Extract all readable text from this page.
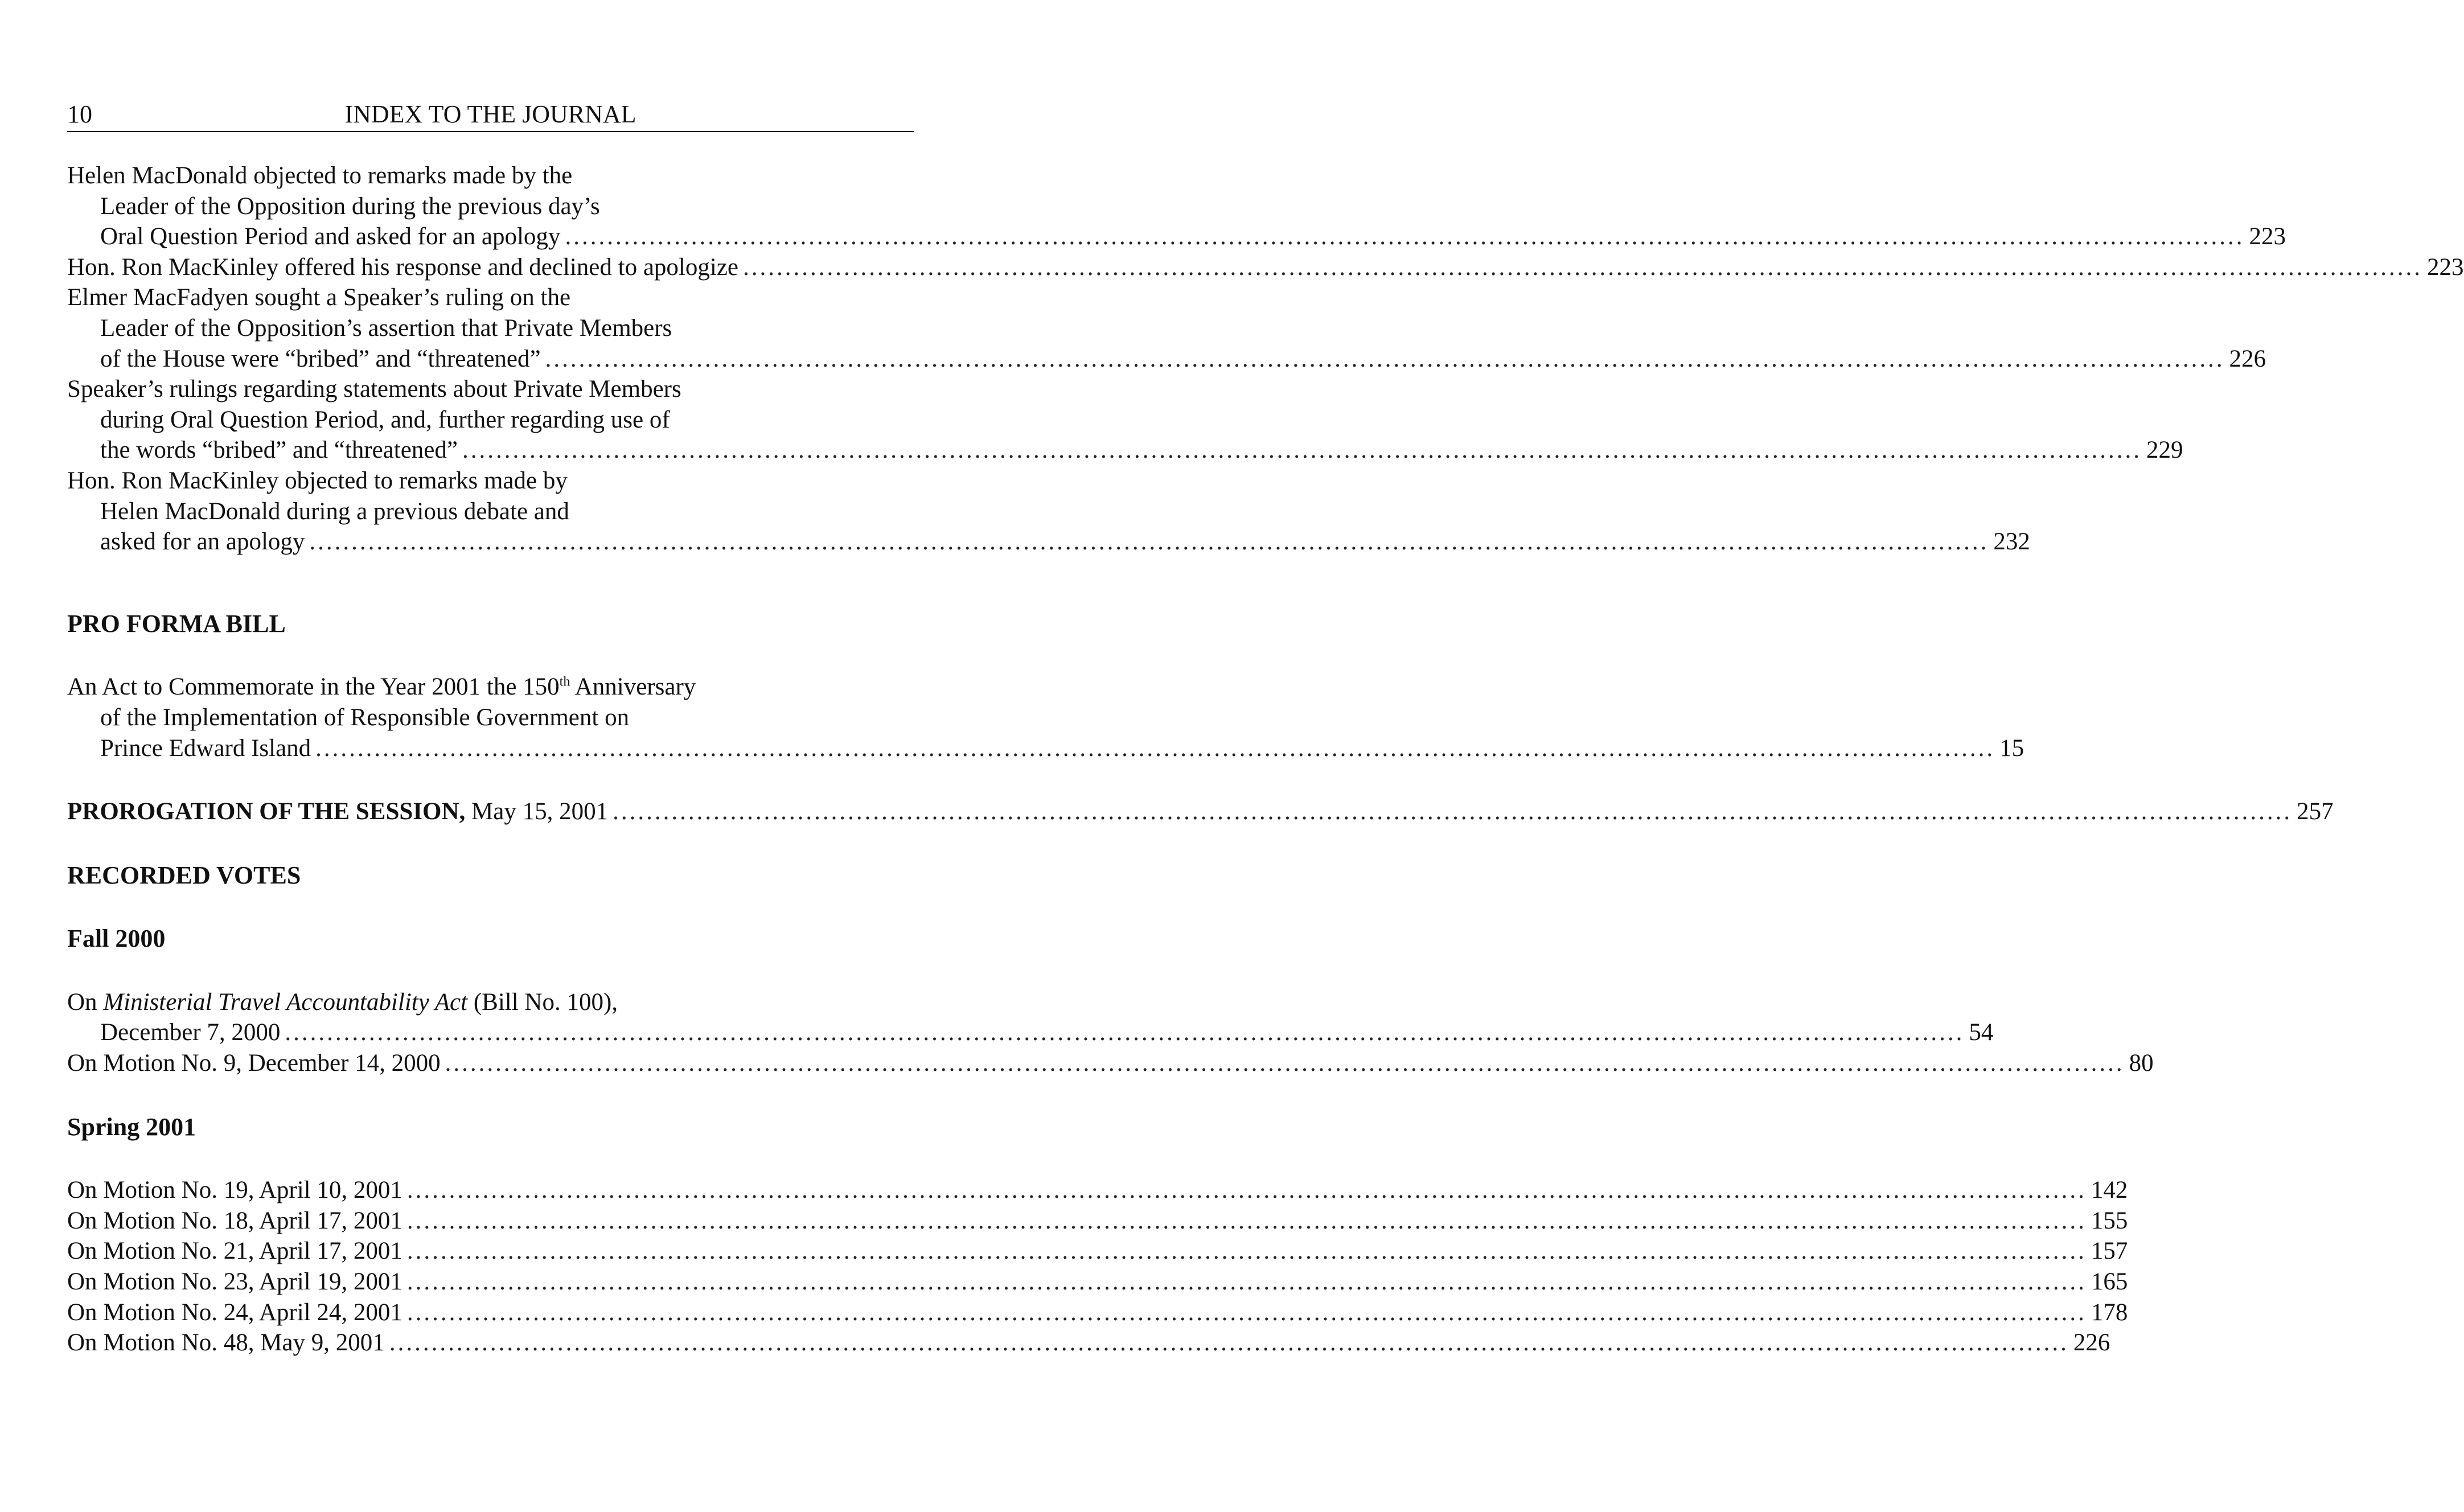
10	INDEX TO THE JOURNAL
Helen MacDonald objected to remarks made by the
Leader of the Opposition during the previous day’s
Oral Question Period and asked for an apology ........................................................................................................................................................................................................ 223
Hon. Ron MacKinley offered his response and declined to apologize ........................................................................................................................................................................................................ 223
Elmer MacFadyen sought a Speaker’s ruling on the
Leader of the Opposition’s assertion that Private Members
of the House were “bribed” and “threatened” ........................................................................................................................................................................................................ 226
Speaker’s rulings regarding statements about Private Members
during Oral Question Period, and, further regarding use of
the words “bribed” and “threatened” ........................................................................................................................................................................................................ 229
Hon. Ron MacKinley objected to remarks made by
Helen MacDonald during a previous debate and
asked for an apology ........................................................................................................................................................................................................ 232
PRO FORMA BILL
An Act to Commemorate in the Year 2001 the 150th Anniversary
of the Implementation of Responsible Government on
Prince Edward Island ........................................................................................................................................................................................................ 15
PROROGATION OF THE SESSION, May 15, 2001 ........................................................................................................................................................................................................ 257
RECORDED VOTES
Fall 2000
On Ministerial Travel Accountability Act (Bill No. 100),
December 7, 2000 ........................................................................................................................................................................................................ 54
On Motion No. 9, December 14, 2000 ........................................................................................................................................................................................................ 80
Spring 2001
On Motion No. 19, April 10, 2001 ........................................................................................................................................................................................................ 142
On Motion No. 18, April 17, 2001 ........................................................................................................................................................................................................ 155
On Motion No. 21, April 17, 2001 ........................................................................................................................................................................................................ 157
On Motion No. 23, April 19, 2001 ........................................................................................................................................................................................................ 165
On Motion No. 24, April 24, 2001 ........................................................................................................................................................................................................ 178
On Motion No. 48, May 9, 2001 ........................................................................................................................................................................................................ 226
